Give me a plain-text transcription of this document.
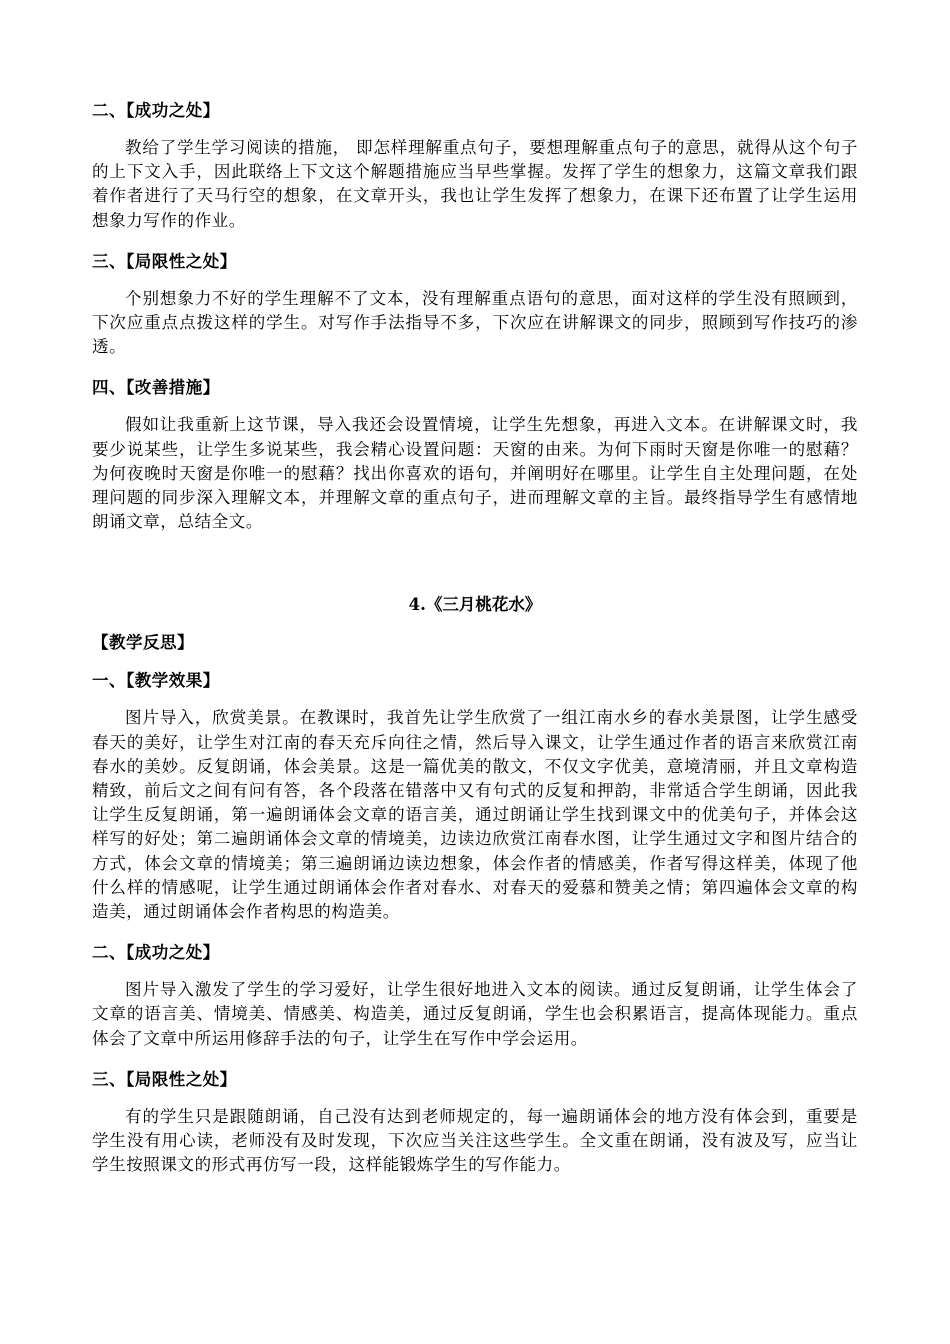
二、【成功之处】

教给了学生学习阅读的措施， 即怎样理解重点句子，要想理解重点句子的意思，就得从这个句子的上下文入手，因此联络上下文这个解题措施应当早些掌握。发挥了学生的想象力，这篇文章我们跟着作者进行了天马行空的想象，在文章开头，我也让学生发挥了想象力，在课下还布置了让学生运用想象力写作的作业。

三、【局限性之处】

个别想象力不好的学生理解不了文本，没有理解重点语句的意思，面对这样的学生没有照顾到，下次应重点点拨这样的学生。对写作手法指导不多，下次应在讲解课文的同步，照顾到写作技巧的渗透。

四、【改善措施】

假如让我重新上这节课，导入我还会设置情境，让学生先想象，再进入文本。在讲解课文时，我要少说某些，让学生多说某些，我会精心设置问题：天窗的由来。为何下雨时天窗是你唯一的慰藉？为何夜晚时天窗是你唯一的慰藉？找出你喜欢的语句，并阐明好在哪里。让学生自主处理问题，在处理问题的同步深入理解文本，并理解文章的重点句子，进而理解文章的主旨。最终指导学生有感情地朗诵文章，总结全文。

4.《三月桃花水》
【教学反思】
一、【教学效果】

图片导入，欣赏美景。在教课时，我首先让学生欣赏了一组江南水乡的春水美景图，让学生感受春天的美好，让学生对江南的春天充斥向往之情，然后导入课文，让学生通过作者的语言来欣赏江南春水的美妙。反复朗诵，体会美景。这是一篇优美的散文，不仅文字优美，意境清丽，并且文章构造精致，前后文之间有问有答，各个段落在错落中又有句式的反复和押韵，非常适合学生朗诵，因此我让学生反复朗诵，第一遍朗诵体会文章的语言美，通过朗诵让学生找到课文中的优美句子，并体会这样写的好处；第二遍朗诵体会文章的情境美，边读边欣赏江南春水图，让学生通过文字和图片结合的方式，体会文章的情境美；第三遍朗诵边读边想象，体会作者的情感美，作者写得这样美，体现了他什么样的情感呢，让学生通过朗诵体会作者对春水、对春天的爱慕和赞美之情；第四遍体会文章的构造美，通过朗诵体会作者构思的构造美。

二、【成功之处】

图片导入激发了学生的学习爱好，让学生很好地进入文本的阅读。通过反复朗诵，让学生体会了文章的语言美、情境美、情感美、构造美，通过反复朗诵，学生也会积累语言，提高体现能力。重点体会了文章中所运用修辞手法的句子，让学生在写作中学会运用。

三、【局限性之处】

有的学生只是跟随朗诵，自己没有达到老师规定的，每一遍朗诵体会的地方没有体会到，重要是学生没有用心读，老师没有及时发现，下次应当关注这些学生。全文重在朗诵，没有波及写，应当让学生按照课文的形式再仿写一段，这样能锻炼学生的写作能力。
